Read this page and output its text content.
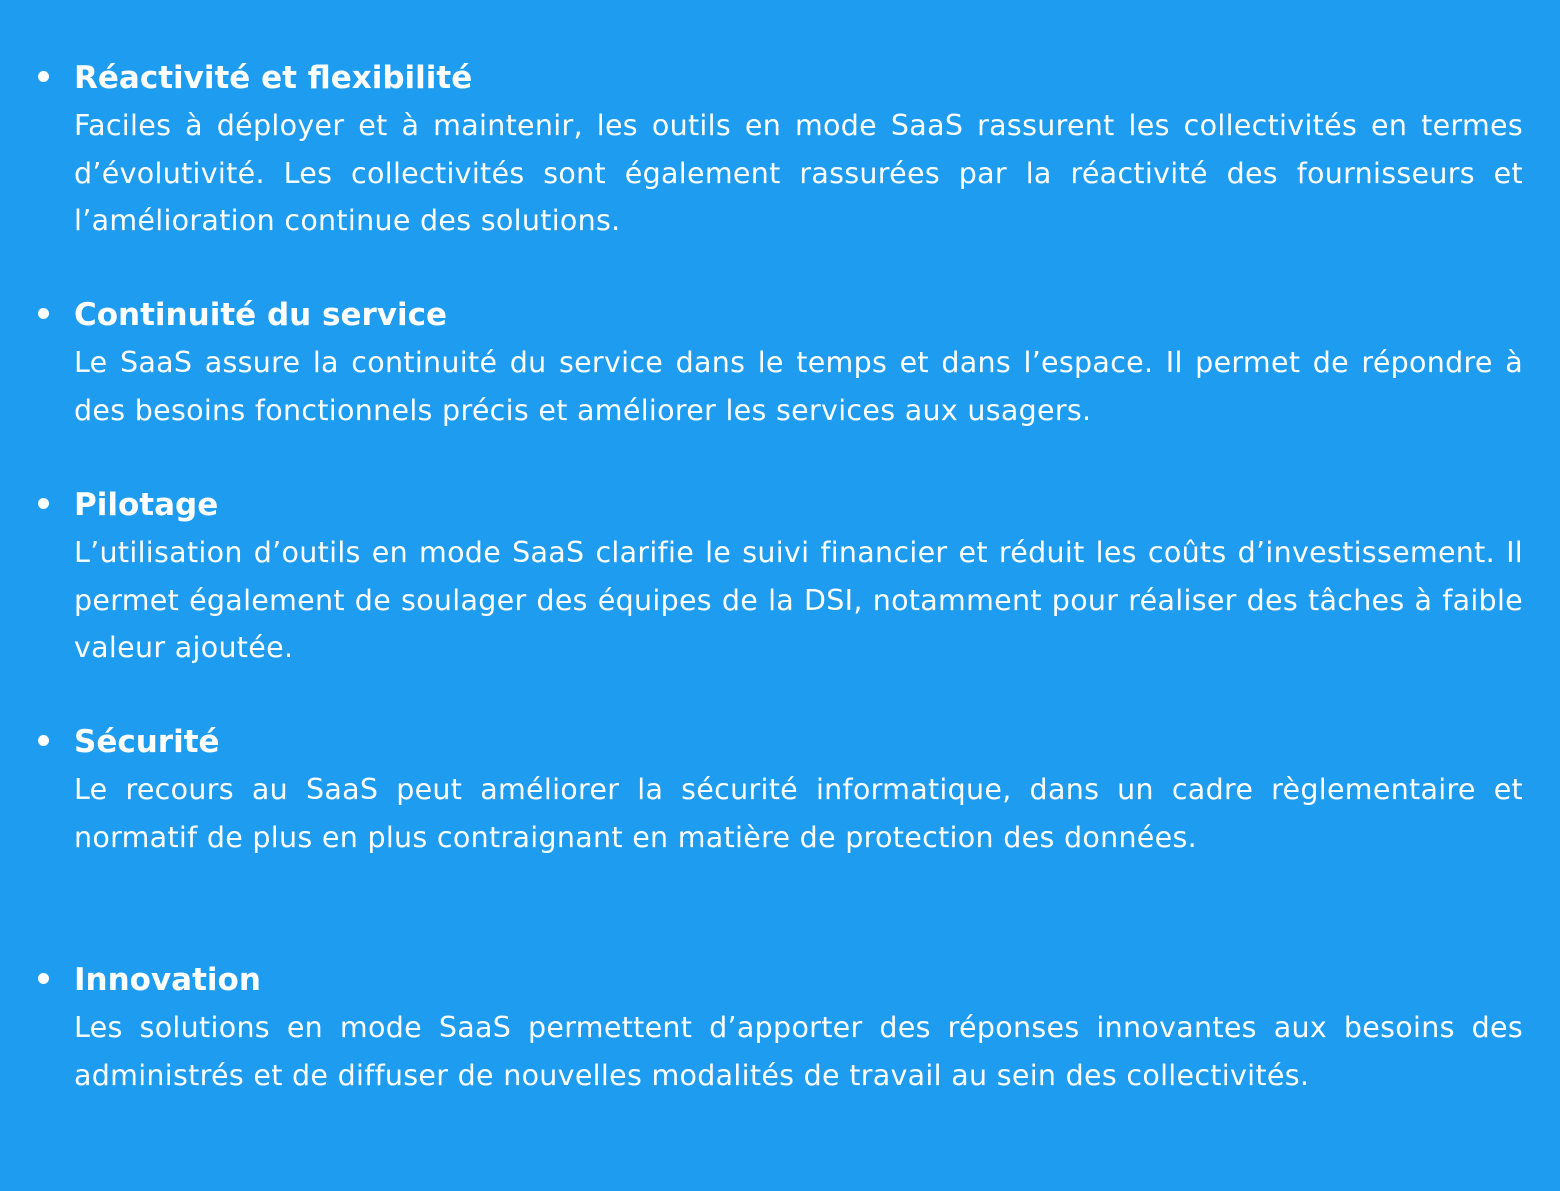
Réactivité et flexibilité
Faciles à déployer et à maintenir, les outils en mode SaaS rassurent les collectivités en termes d’évolutivité. Les collectivités sont également rassurées par la réactivité des fournisseurs et l’amélioration continue des solutions.
Continuité du service
Le SaaS assure la continuité du service dans le temps et dans l’espace. Il permet de répondre à des besoins fonctionnels précis et améliorer les services aux usagers.
Pilotage
L’utilisation d’outils en mode SaaS clarifie le suivi financier et réduit les coûts d’investissement. Il permet également de soulager des équipes de la DSI, notamment pour réaliser des tâches à faible valeur ajoutée.
Sécurité
Le recours au SaaS peut améliorer la sécurité informatique, dans un cadre règlementaire et normatif de plus en plus contraignant en matière de protection des données.
Innovation
Les solutions en mode SaaS permettent d’apporter des réponses innovantes aux besoins des administrés et de diffuser de nouvelles modalités de travail au sein des collectivités.
